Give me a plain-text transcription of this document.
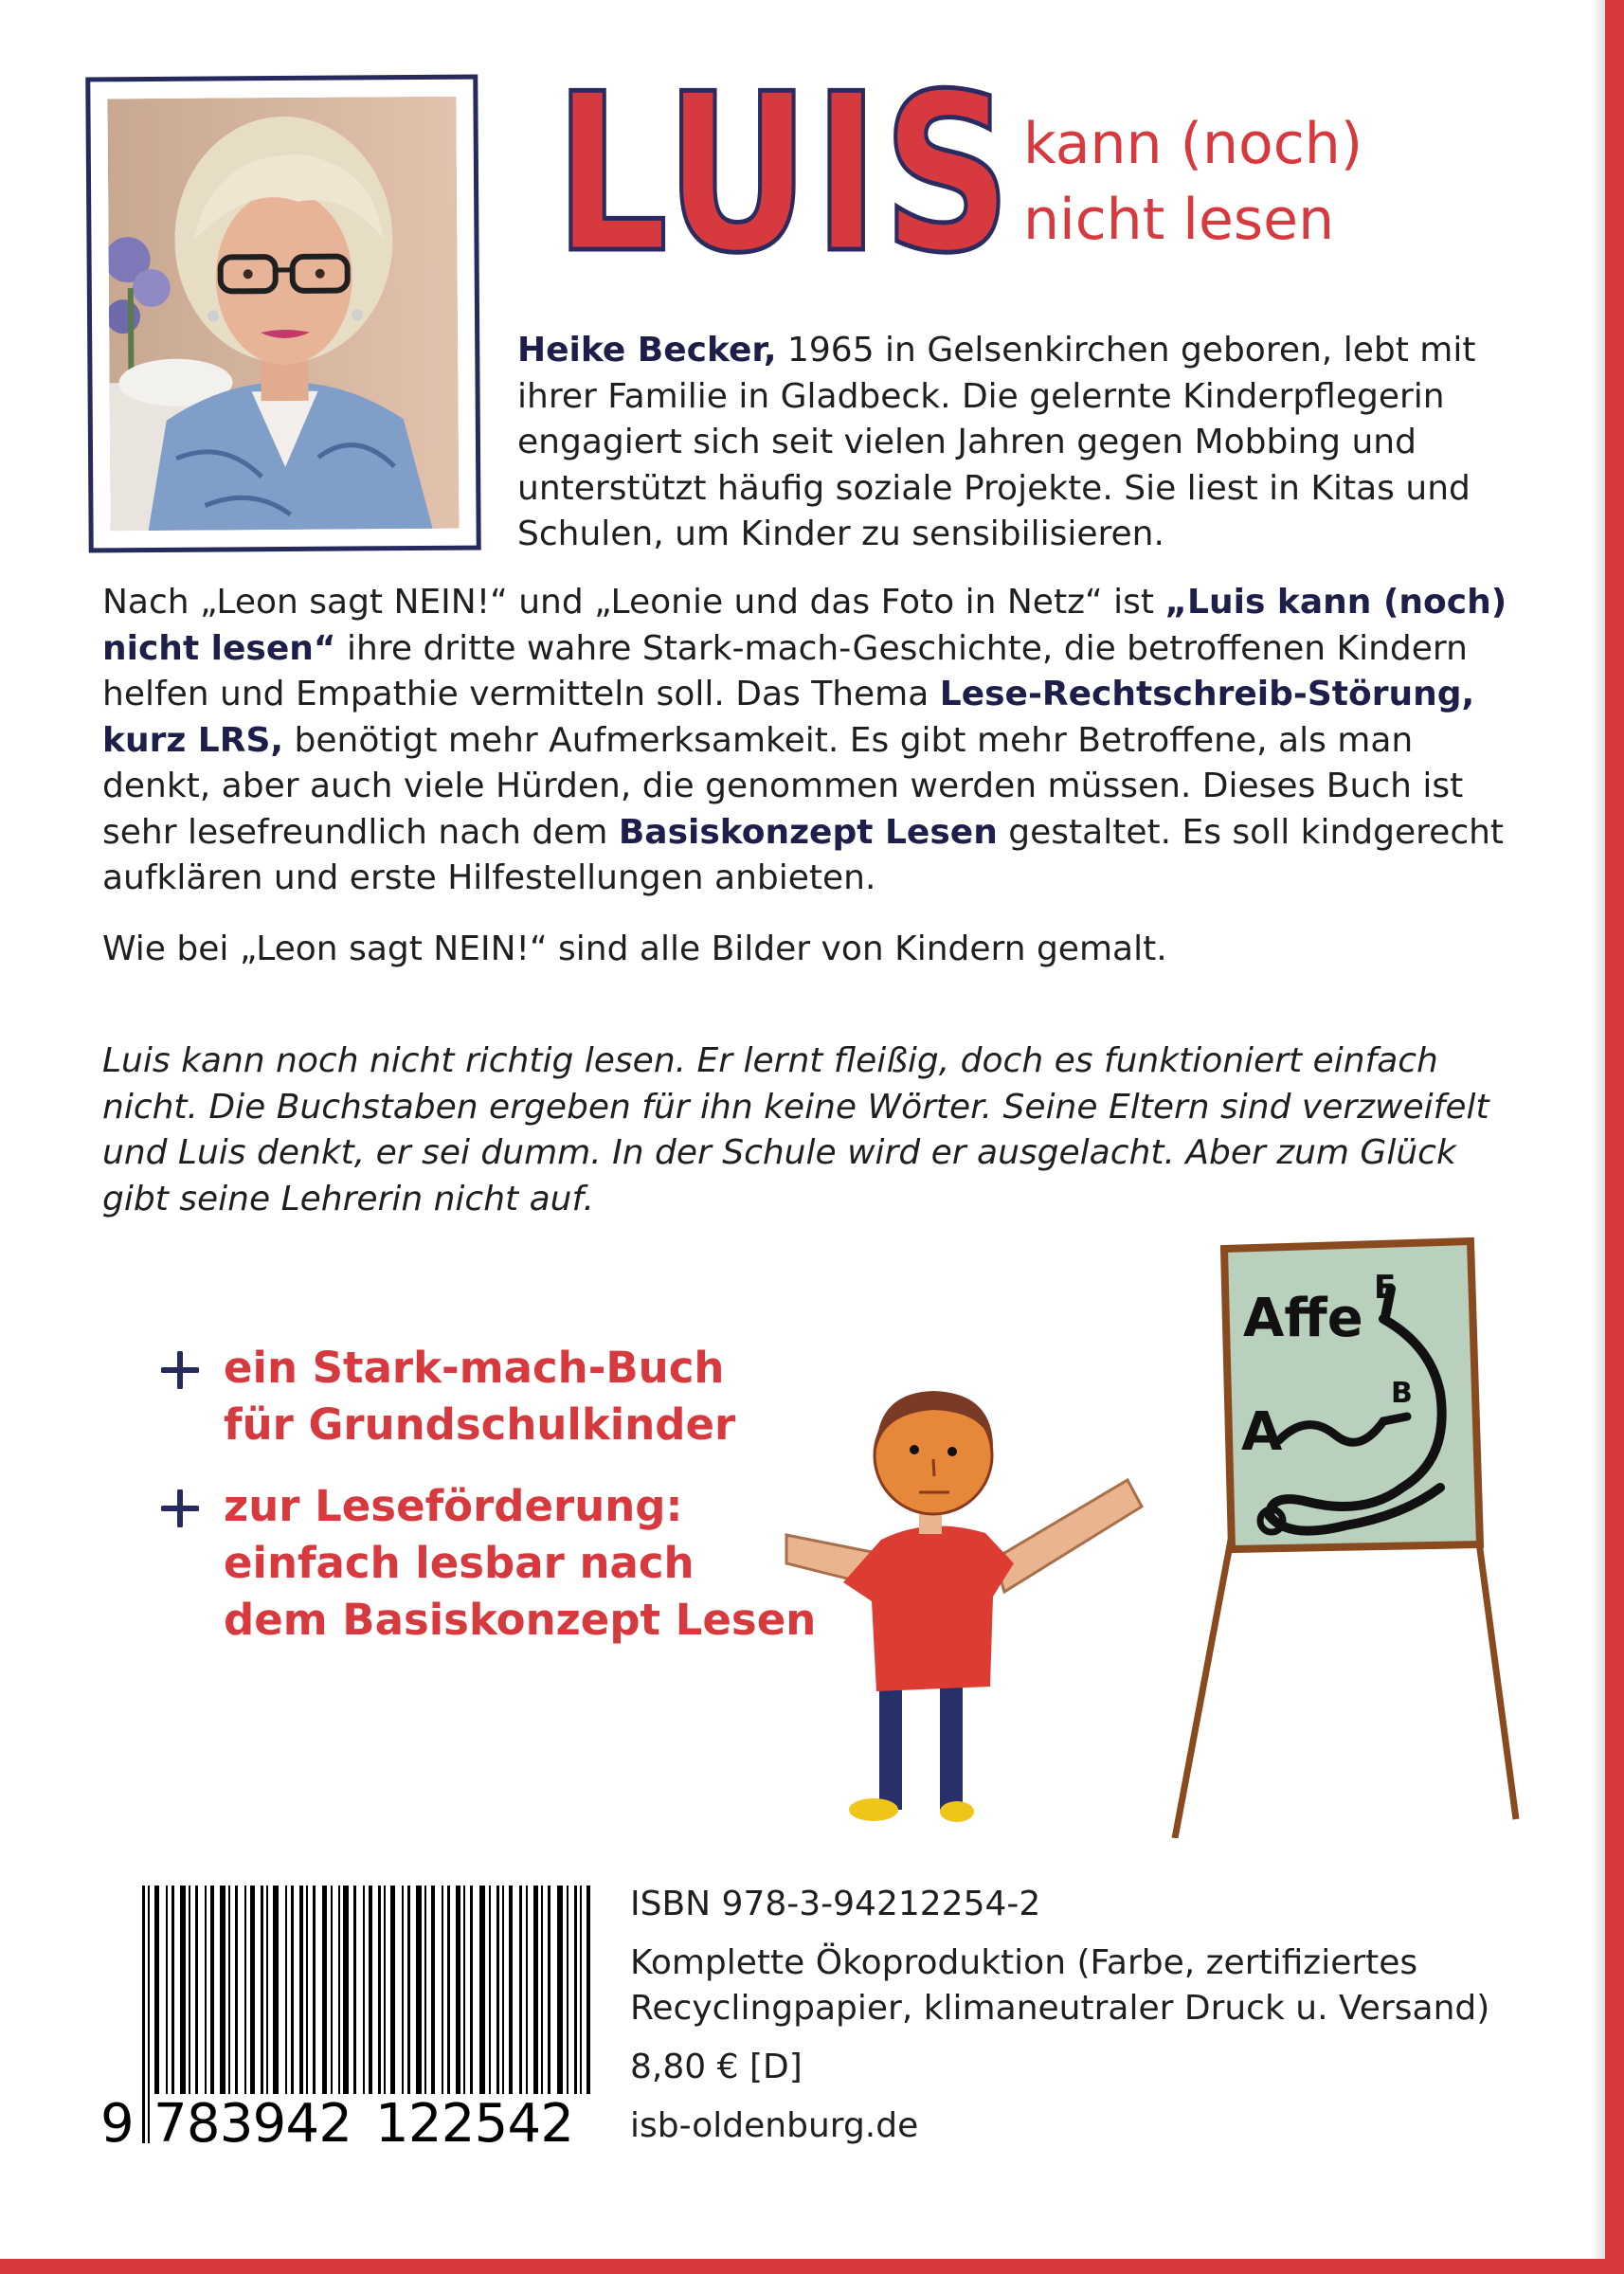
LUIS kann (noch)
nicht lesen
Heike Becker, 1965 in Gelsenkirchen geboren, lebt mit ihrer Familie in Gladbeck. Die gelernte Kinderpflegerin engagiert sich seit vielen Jahren gegen Mobbing und unterstützt häufig soziale Projekte. Sie liest in Kitas und Schulen, um Kinder zu sensibilisieren.
Nach „Leon sagt NEIN!“ und „Leonie und das Foto in Netz“ ist „Luis kann (noch) nicht lesen“ ihre dritte wahre Stark-mach-Geschichte, die betroffenen Kindern helfen und Empathie vermitteln soll. Das Thema Lese-Rechtschreib-Störung, kurz LRS, benötigt mehr Aufmerksamkeit. Es gibt mehr Betroffene, als man denkt, aber auch viele Hürden, die genommen werden müssen. Dieses Buch ist sehr lesefreundlich nach dem Basiskonzept Lesen gestaltet. Es soll kindgerecht aufklären und erste Hilfestellungen anbieten.
Wie bei „Leon sagt NEIN!“ sind alle Bilder von Kindern gemalt.
Luis kann noch nicht richtig lesen. Er lernt fleißig, doch es funktioniert einfach nicht. Die Buchstaben ergeben für ihn keine Wörter. Seine Eltern sind verzweifelt und Luis denkt, er sei dumm. In der Schule wird er ausgelacht. Aber zum Glück gibt seine Lehrerin nicht auf.
ein Stark-mach-Buch
für Grundschulkinder
zur Leseförderung:
einfach lesbar nach
dem Basiskonzept Lesen
Affe E
A
B
9 783942 122542
ISBN 978-3-94212254-2
Komplette Ökoproduktion (Farbe, zertifiziertes
Recyclingpapier, klimaneutraler Druck u. Versand)
8,80 € [D]
isb-oldenburg.de
